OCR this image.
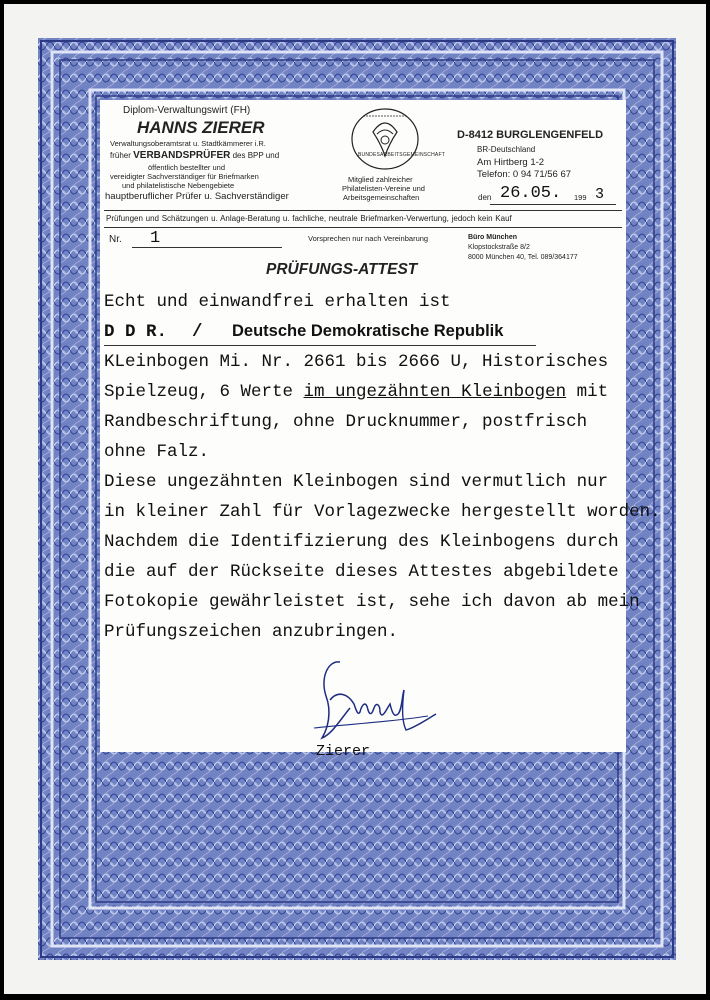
Diplom-Verwaltungswirt (FH)
HANNS ZIERER
Verwaltungsoberamtsrat u. Stadtkämmerer i.R.
früher VERBANDSPRÜFER des BPP und
öffentlich bestellter und
vereidigter Sachverständiger für Briefmarken
und philatelistische Nebengebiete
hauptberuflicher Prüfer u. Sachverständiger
BUNDESARBEITSGEMEINSCHAFT
Mitglied zahlreicher
Philatelisten-Vereine und
Arbeitsgemeinschaften
D-8412 BURGLENGENFELD
BR-Deutschland
Am Hirtberg 1-2
Telefon: 0 94 71/56 67
den 26.05. 199 3
Prüfungen und Schätzungen u. Anlage-Beratung u. fachliche, neutrale Briefmarken-Verwertung, jedoch kein Kauf
Nr. 1	Vorsprechen nur nach Vereinbarung	Büro München
Klopstockstraße 8/2
8000 München 40, Tel. 089/364177
PRÜFUNGS-ATTEST
Echt und einwandfrei erhalten ist
D D R. / Deutsche Demokratische Republik
KLeinbogen Mi. Nr. 2661 bis 2666 U, Historisches
Spielzeug, 6 Werte im ungezähnten Kleinbogen mit
Randbeschriftung, ohne Drucknummer, postfrisch
ohne Falz.
Diese ungezähnten Kleinbogen sind vermutlich nur
in kleiner Zahl für Vorlagezwecke hergestellt worden.
Nachdem die Identifizierung des Kleinbogens durch
die auf der Rückseite dieses Attestes abgebildete
Fotokopie gewährleistet ist, sehe ich davon ab mein
Prüfungszeichen anzubringen.
Zierer
